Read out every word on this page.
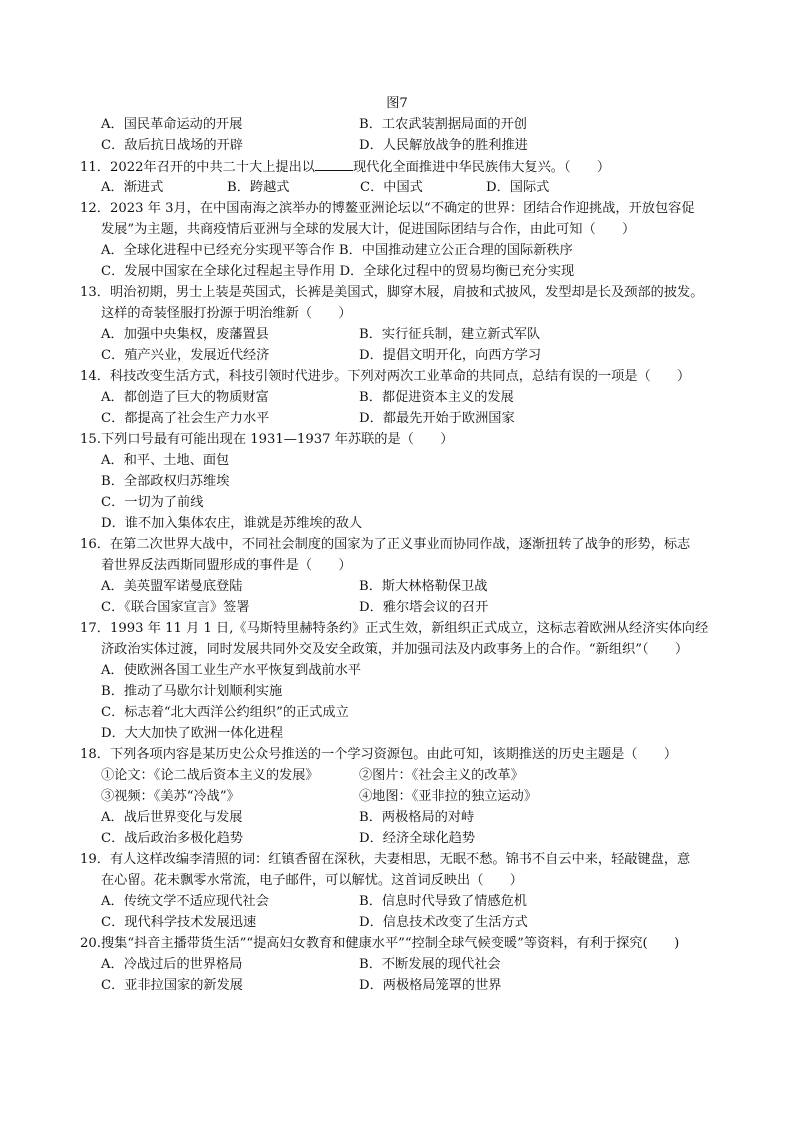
图7
A．国民革命运动的开展	B．工农武装割据局面的开创
C．敌后抗日战场的开辟	D．人民解放战争的胜利推进
11．2022年召开的中共二十大上提出以	现代化全面推进中华民族伟大复兴。（　　）
A．渐进式	B．跨越式	C．中国式	D．国际式
12．2023 年 3月，在中国南海之滨举办的博鳌亚洲论坛以“不确定的世界：团结合作迎挑战，开放包容促
发展”为主题，共商疫情后亚洲与全球的发展大计，促进国际团结与合作，由此可知（　　）
A．全球化进程中已经充分实现平等合作 B．中国推动建立公正合理的国际新秩序
C．发展中国家在全球化过程起主导作用 D．全球化过程中的贸易均衡已充分实现
13．明治初期，男士上装是英国式，长裤是美国式，脚穿木屐，肩披和式披风，发型却是长及颈部的披发。
这样的奇装怪服打扮源于明治维新（　　）
A．加强中央集权，废藩置县	B．实行征兵制，建立新式军队
C．殖产兴业，发展近代经济	D．提倡文明开化，向西方学习
14．科技改变生活方式，科技引领时代进步。下列对两次工业革命的共同点，总结有误的一项是（　　）
A．都创造了巨大的物质财富	B．都促进资本主义的发展
C．都提高了社会生产力水平	D．都最先开始于欧洲国家
15.下列口号最有可能出现在 1931—1937 年苏联的是（　　）
A．和平、土地、面包
B．全部政权归苏维埃
C．一切为了前线
D．谁不加入集体农庄，谁就是苏维埃的敌人
16．在第二次世界大战中，不同社会制度的国家为了正义事业而协同作战，逐渐扭转了战争的形势，标志
着世界反法西斯同盟形成的事件是（　　）
A．美英盟军诺曼底登陆	B．斯大林格勒保卫战
C．《联合国家宣言》签署	D．雅尔塔会议的召开
17．1993 年 11 月 1 日,《马斯特里赫特条约》正式生效，新组织正式成立，这标志着欧洲从经济实体向经
济政治实体过渡，同时发展共同外交及安全政策，并加强司法及内政事务上的合作。“新组织”（　　）
A．使欧洲各国工业生产水平恢复到战前水平
B．推动了马歇尔计划顺利实施
C．标志着“北大西洋公约组织”的正式成立
D．大大加快了欧洲一体化进程
18．下列各项内容是某历史公众号推送的一个学习资源包。由此可知，该期推送的历史主题是（　　）
①论文：《论二战后资本主义的发展》	②图片：《社会主义的改革》
③视频：《美苏“冷战”》	④地图：《亚非拉的独立运动》
A．战后世界变化与发展	B．两极格局的对峙
C．战后政治多极化趋势	D．经济全球化趋势
19．有人这样改编李清照的词：红镇香留在深秋，夫妻相思，无眠不愁。锦书不自云中来，轻敲键盘，意
在心留。花未飘零水常流，电子邮件，可以解忧。这首词反映出（　　）
A．传统文学不适应现代社会	B．信息时代导致了情感危机
C．现代科学技术发展迅速	D．信息技术改变了生活方式
20.搜集“抖音主播带货生活”“提高妇女教育和健康水平”“控制全球气候变暖”等资料，有利于探究(　　)
A．冷战过后的世界格局	B．不断发展的现代社会
C．亚非拉国家的新发展	D．两极格局笼罩的世界
